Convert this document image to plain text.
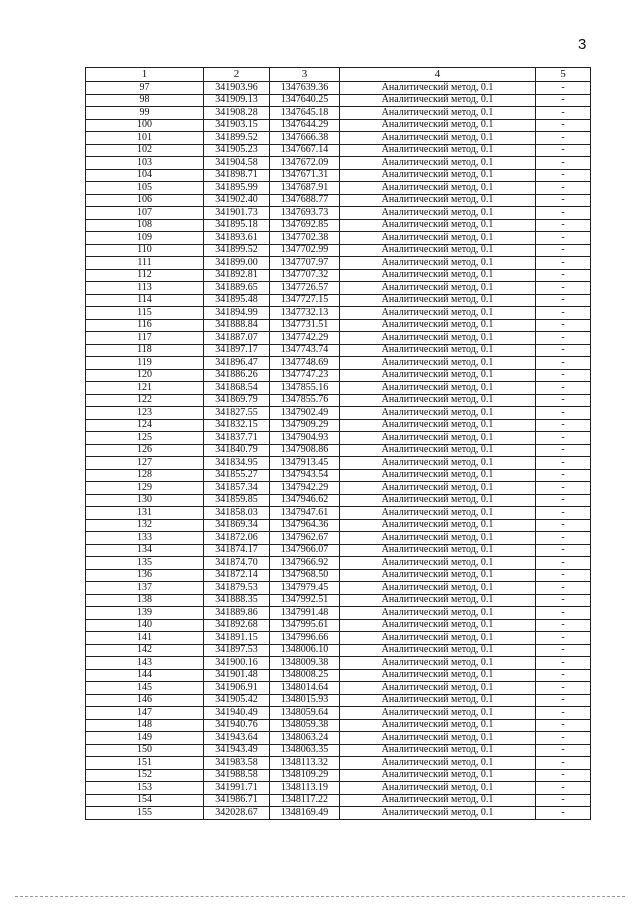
3
1	2	3	4	5
97	341903.96	1347639.36	Аналитический метод, 0.1	-
98	341909.13	1347640.25	Аналитический метод, 0.1	-
99	341908.28	1347645.18	Аналитический метод, 0.1	-
100	341903.15	1347644.29	Аналитический метод, 0.1	-
101	341899.52	1347666.38	Аналитический метод, 0.1	-
102	341905.23	1347667.14	Аналитический метод, 0.1	-
103	341904.58	1347672.09	Аналитический метод, 0.1	-
104	341898.71	1347671.31	Аналитический метод, 0.1	-
105	341895.99	1347687.91	Аналитический метод, 0.1	-
106	341902.40	1347688.77	Аналитический метод, 0.1	-
107	341901.73	1347693.73	Аналитический метод, 0.1	-
108	341895.18	1347692.85	Аналитический метод, 0.1	-
109	341893.61	1347702.38	Аналитический метод, 0.1	-
110	341899.52	1347702.99	Аналитический метод, 0.1	-
111	341899.00	1347707.97	Аналитический метод, 0.1	-
112	341892.81	1347707.32	Аналитический метод, 0.1	-
113	341889.65	1347726.57	Аналитический метод, 0.1	-
114	341895.48	1347727.15	Аналитический метод, 0.1	-
115	341894.99	1347732.13	Аналитический метод, 0.1	-
116	341888.84	1347731.51	Аналитический метод, 0.1	-
117	341887.07	1347742.29	Аналитический метод, 0.1	-
118	341897.17	1347743.74	Аналитический метод, 0.1	-
119	341896.47	1347748.69	Аналитический метод, 0.1	-
120	341886.26	1347747.23	Аналитический метод, 0.1	-
121	341868.54	1347855.16	Аналитический метод, 0.1	-
122	341869.79	1347855.76	Аналитический метод, 0.1	-
123	341827.55	1347902.49	Аналитический метод, 0.1	-
124	341832.15	1347909.29	Аналитический метод, 0.1	-
125	341837.71	1347904.93	Аналитический метод, 0.1	-
126	341840.79	1347908.86	Аналитический метод, 0.1	-
127	341834.95	1347913.45	Аналитический метод, 0.1	-
128	341855.27	1347943.54	Аналитический метод, 0.1	-
129	341857.34	1347942.29	Аналитический метод, 0.1	-
130	341859.85	1347946.62	Аналитический метод, 0.1	-
131	341858.03	1347947.61	Аналитический метод, 0.1	-
132	341869.34	1347964.36	Аналитический метод, 0.1	-
133	341872.06	1347962.67	Аналитический метод, 0.1	-
134	341874.17	1347966.07	Аналитический метод, 0.1	-
135	341874.70	1347966.92	Аналитический метод, 0.1	-
136	341872.14	1347968.50	Аналитический метод, 0.1	-
137	341879.53	1347979.45	Аналитический метод, 0.1	-
138	341888.35	1347992.51	Аналитический метод, 0.1	-
139	341889.86	1347991.48	Аналитический метод, 0.1	-
140	341892.68	1347995.61	Аналитический метод, 0.1	-
141	341891.15	1347996.66	Аналитический метод, 0.1	-
142	341897.53	1348006.10	Аналитический метод, 0.1	-
143	341900.16	1348009.38	Аналитический метод, 0.1	-
144	341901.48	1348008.25	Аналитический метод, 0.1	-
145	341906.91	1348014.64	Аналитический метод, 0.1	-
146	341905.42	1348015.93	Аналитический метод, 0.1	-
147	341940.49	1348059.64	Аналитический метод, 0.1	-
148	341940.76	1348059.38	Аналитический метод, 0.1	-
149	341943.64	1348063.24	Аналитический метод, 0.1	-
150	341943.49	1348063.35	Аналитический метод, 0.1	-
151	341983.58	1348113.32	Аналитический метод, 0.1	-
152	341988.58	1348109.29	Аналитический метод, 0.1	-
153	341991.71	1348113.19	Аналитический метод, 0.1	-
154	341986.71	1348117.22	Аналитический метод, 0.1	-
155	342028.67	1348169.49	Аналитический метод, 0.1	-
